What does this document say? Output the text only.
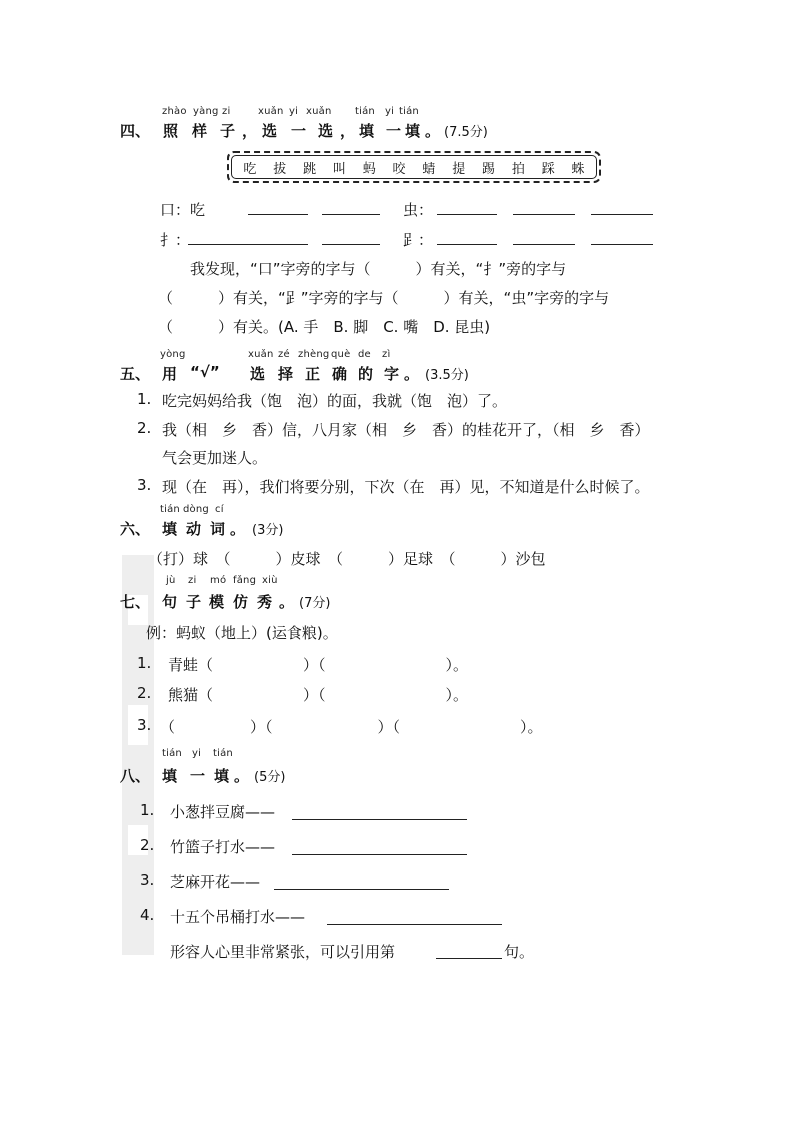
zhào yàng zi	xuǎn yi xuǎn tián yi tián
四、 照 样 子 ， 选 一 选 ， 填 一 填 。 (7.5分)
吃 拔 跳 叫 蚂 咬 蜻 提 踢 拍 踩 蛛
口：吃	虫：
扌：	𧾷：
我发现，“口”字旁的字与（　　　）有关，“扌”旁的字与
（　　　）有关，“𧾷”字旁的字与（　　　）有关，“虫”字旁的字与
（　　　）有关。(A. 手　B. 脚　C. 嘴　D. 昆虫)
yòng	xuǎn zé zhèng què de zì
五、 用 “√” 选 择 正 确 的 字 。 (3.5分)
1. 吃完妈妈给我（饱　泡）的面，我就（饱　泡）了。
2. 我（相　乡　香）信，八月家（相　乡　香）的桂花开了，（相　乡　香）
气会更加迷人。
3. 现（在　再），我们将要分别，下次（在　再）见，不知道是什么时候了。
tián dòng cí
六、 填 动 词 。 (3分)
（打）球　（　　　）皮球　（　　　）足球　（　　　）沙包
jù zi mó fǎng xiù
七、 句 子 模 仿 秀 。 (7分)
例：蚂蚁（地上）(运食粮)。
1. 青蛙（　　　　　　）（　　　　　　　　）。
2. 熊猫（　　　　　　）（　　　　　　　　）。
3. （　　　　　）（　　　　　　　）（　　　　　　　　）。
tián yi tián
八、 填 一 填 。 (5分)
1. 小葱拌豆腐——
2. 竹篮子打水——
3. 芝麻开花——
4. 十五个吊桶打水——
形容人心里非常紧张，可以引用第	句。
